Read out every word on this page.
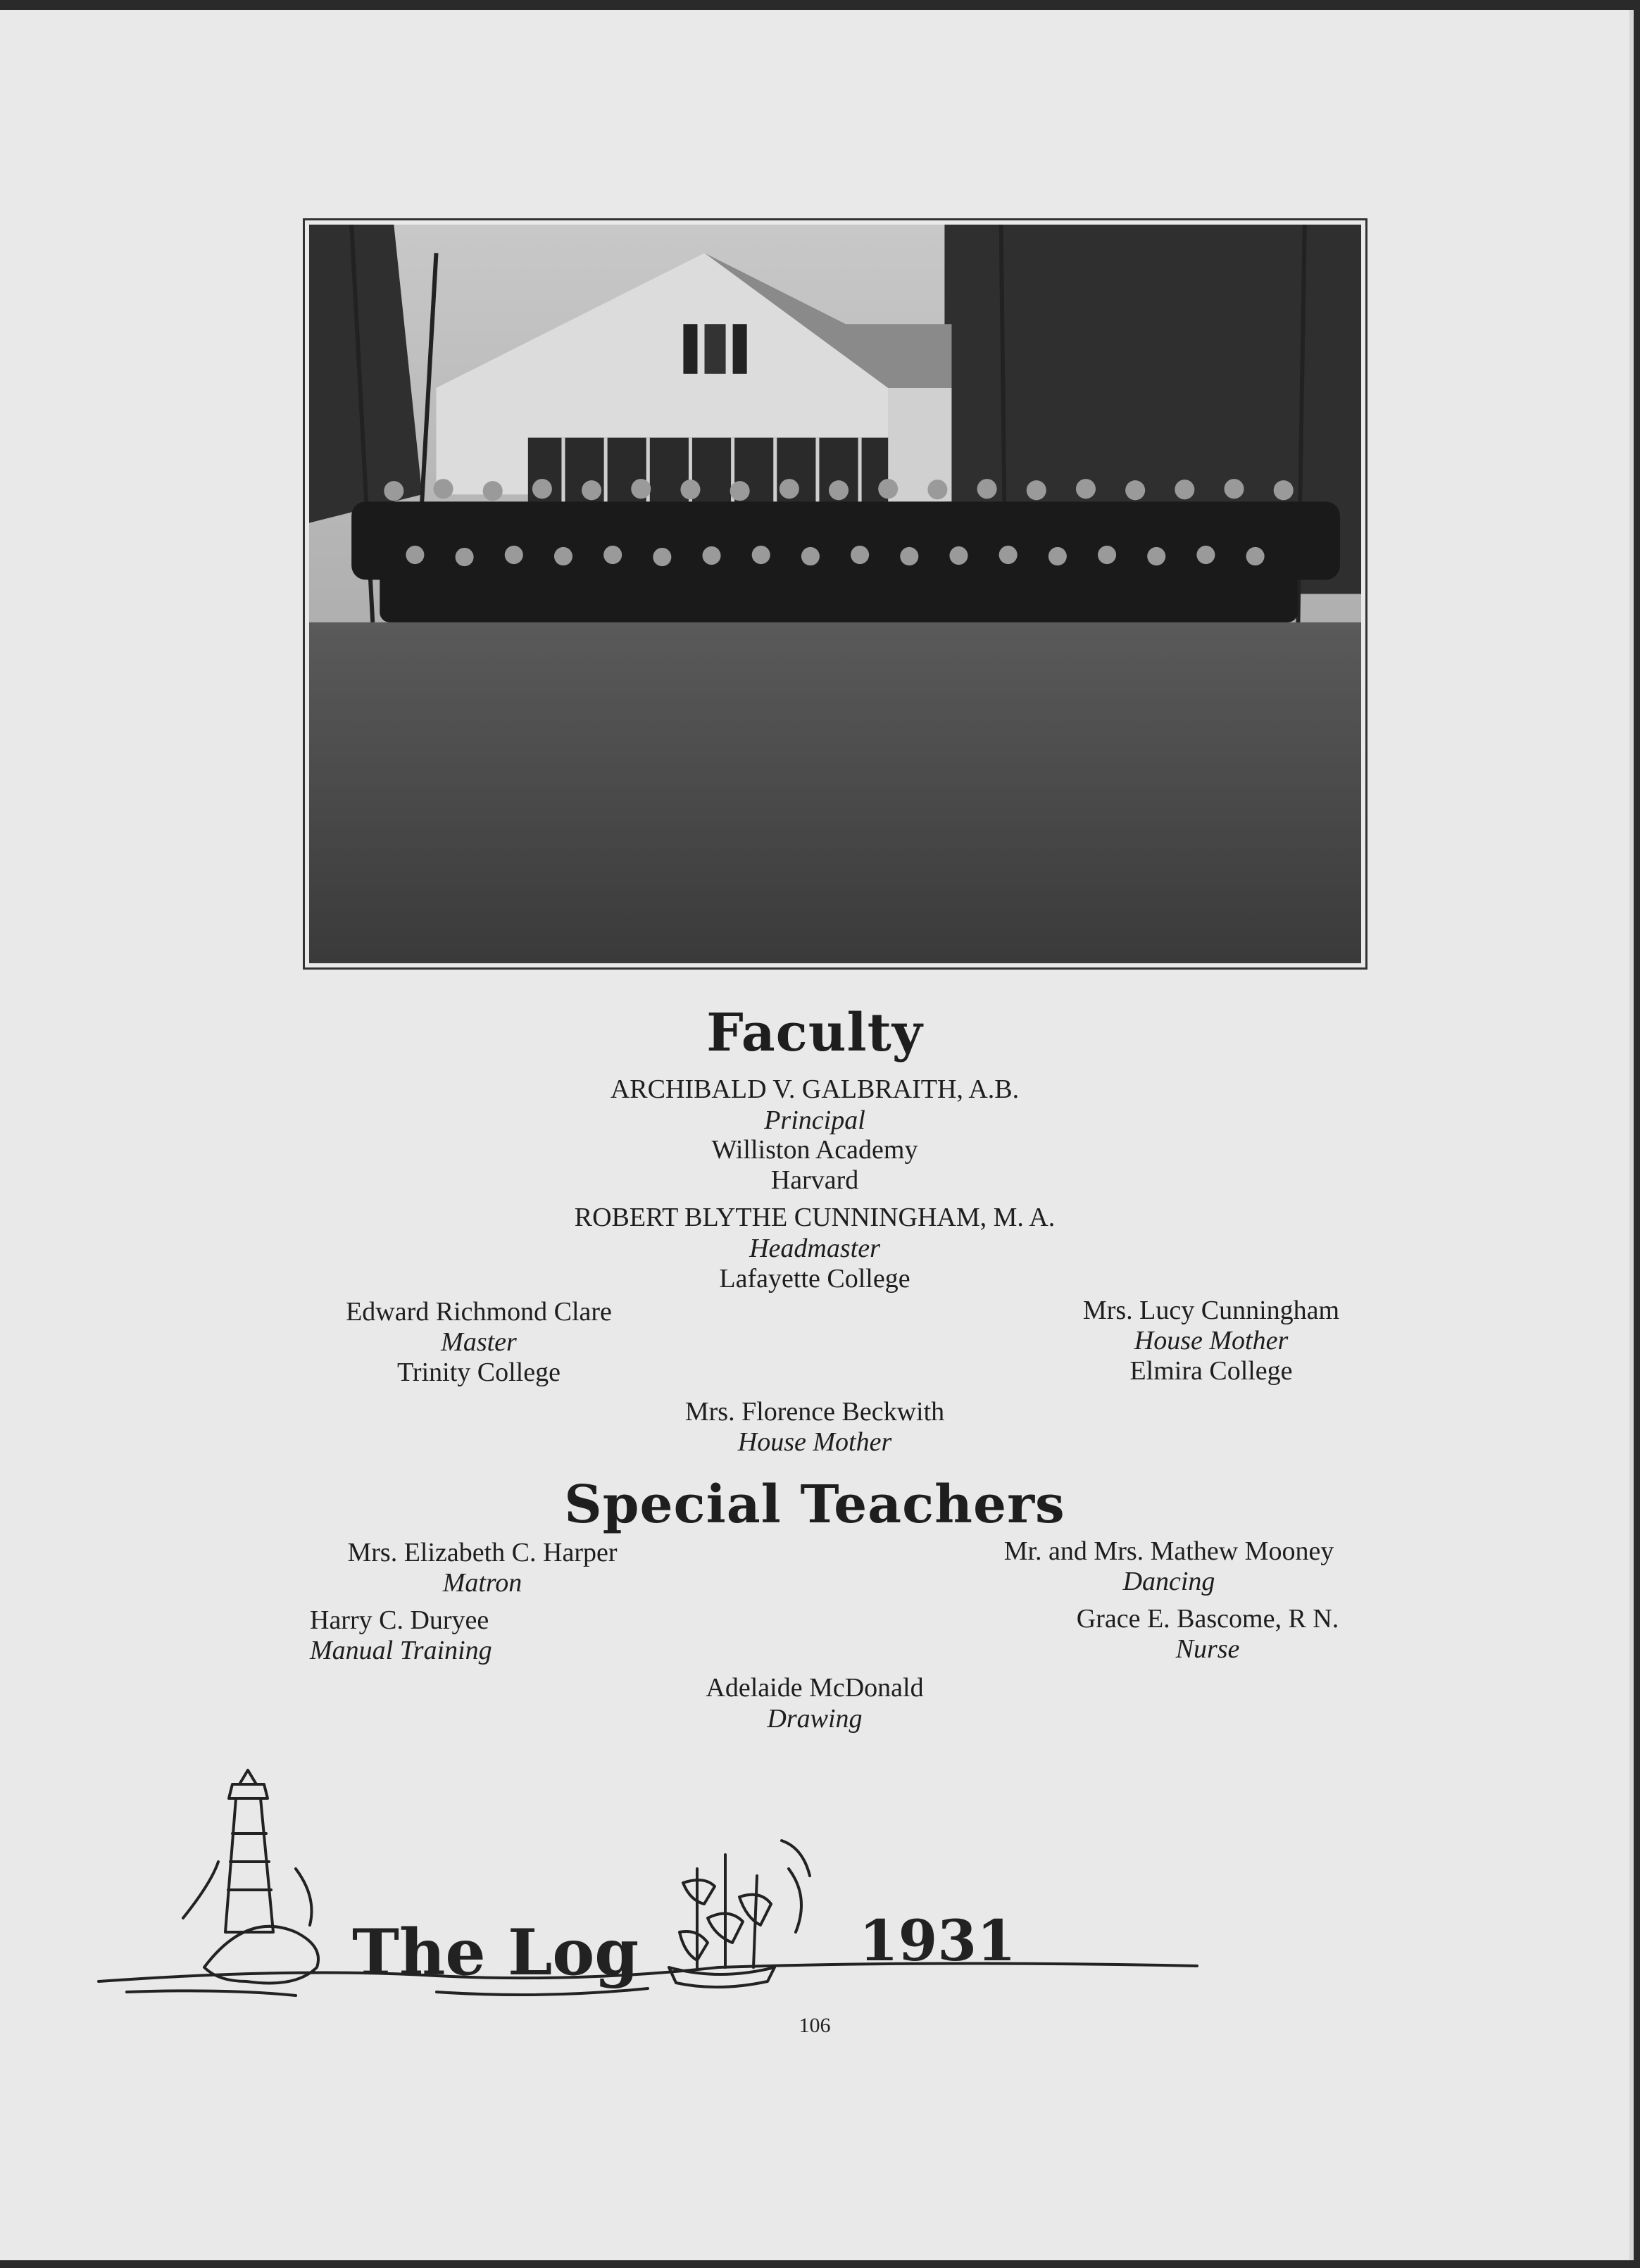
Faculty
ARCHIBALD V. GALBRAITH, A.B.
Principal
Williston Academy
Harvard
ROBERT BLYTHE CUNNINGHAM, M. A.
Headmaster
Lafayette College
Edward Richmond Clare
Master
Trinity College
Mrs. Lucy Cunningham
House Mother
Elmira College
Mrs. Florence Beckwith
House Mother
Special Teachers
Mrs. Elizabeth C. Harper
Matron
Mr. and Mrs. Mathew Mooney
Dancing
Harry C. Duryee
Manual Training
Grace E. Bascome, R N.
Nurse
Adelaide McDonald
Drawing
The Log	1931
106
